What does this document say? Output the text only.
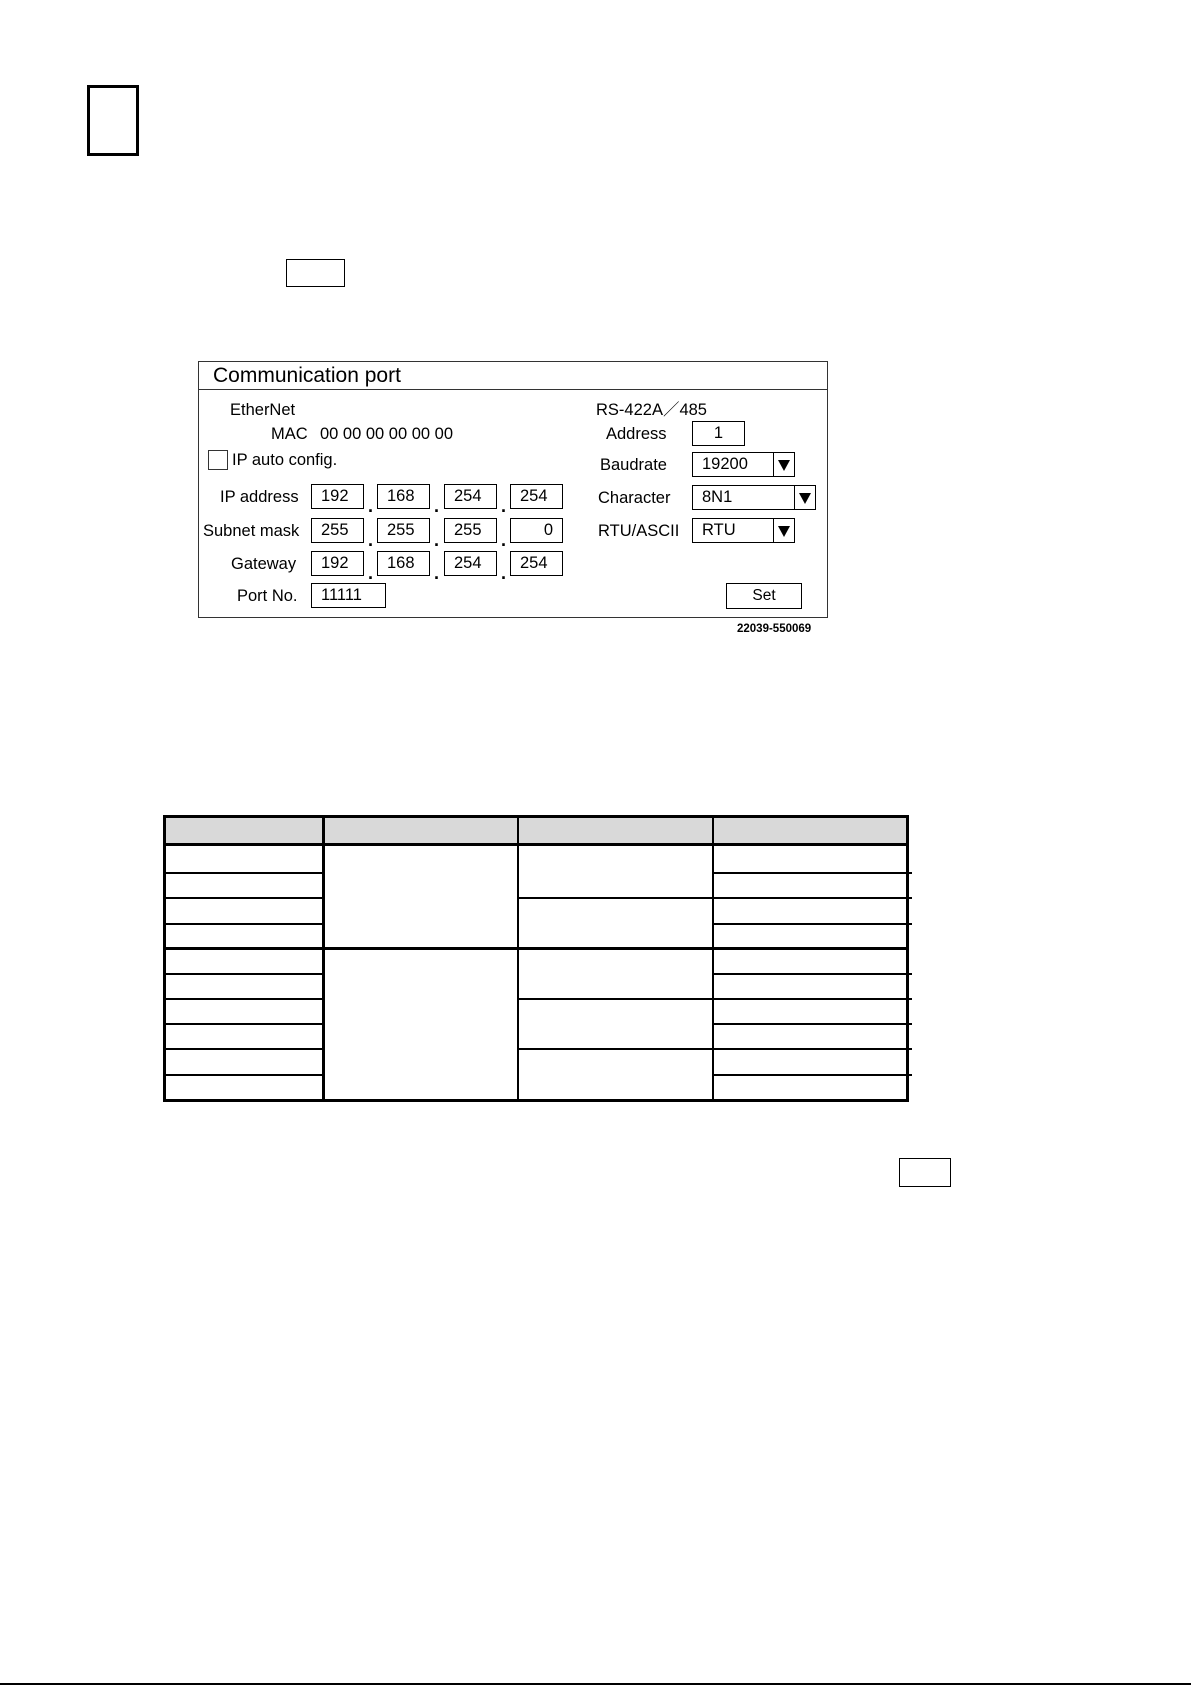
Communication port
EtherNet
MAC 00 00 00 00 00 00
IP auto config.
IP address	192	. 168	. 254	. 254
Subnet mask	255	. 255	. 255	.	0
Gateway	192	. 168	. 254	. 254
Port No.	11111
RS-422A／485
Address	1
Baudrate	19200
Character	8N1
RTU/ASCII	RTU
Set
22039-550069
